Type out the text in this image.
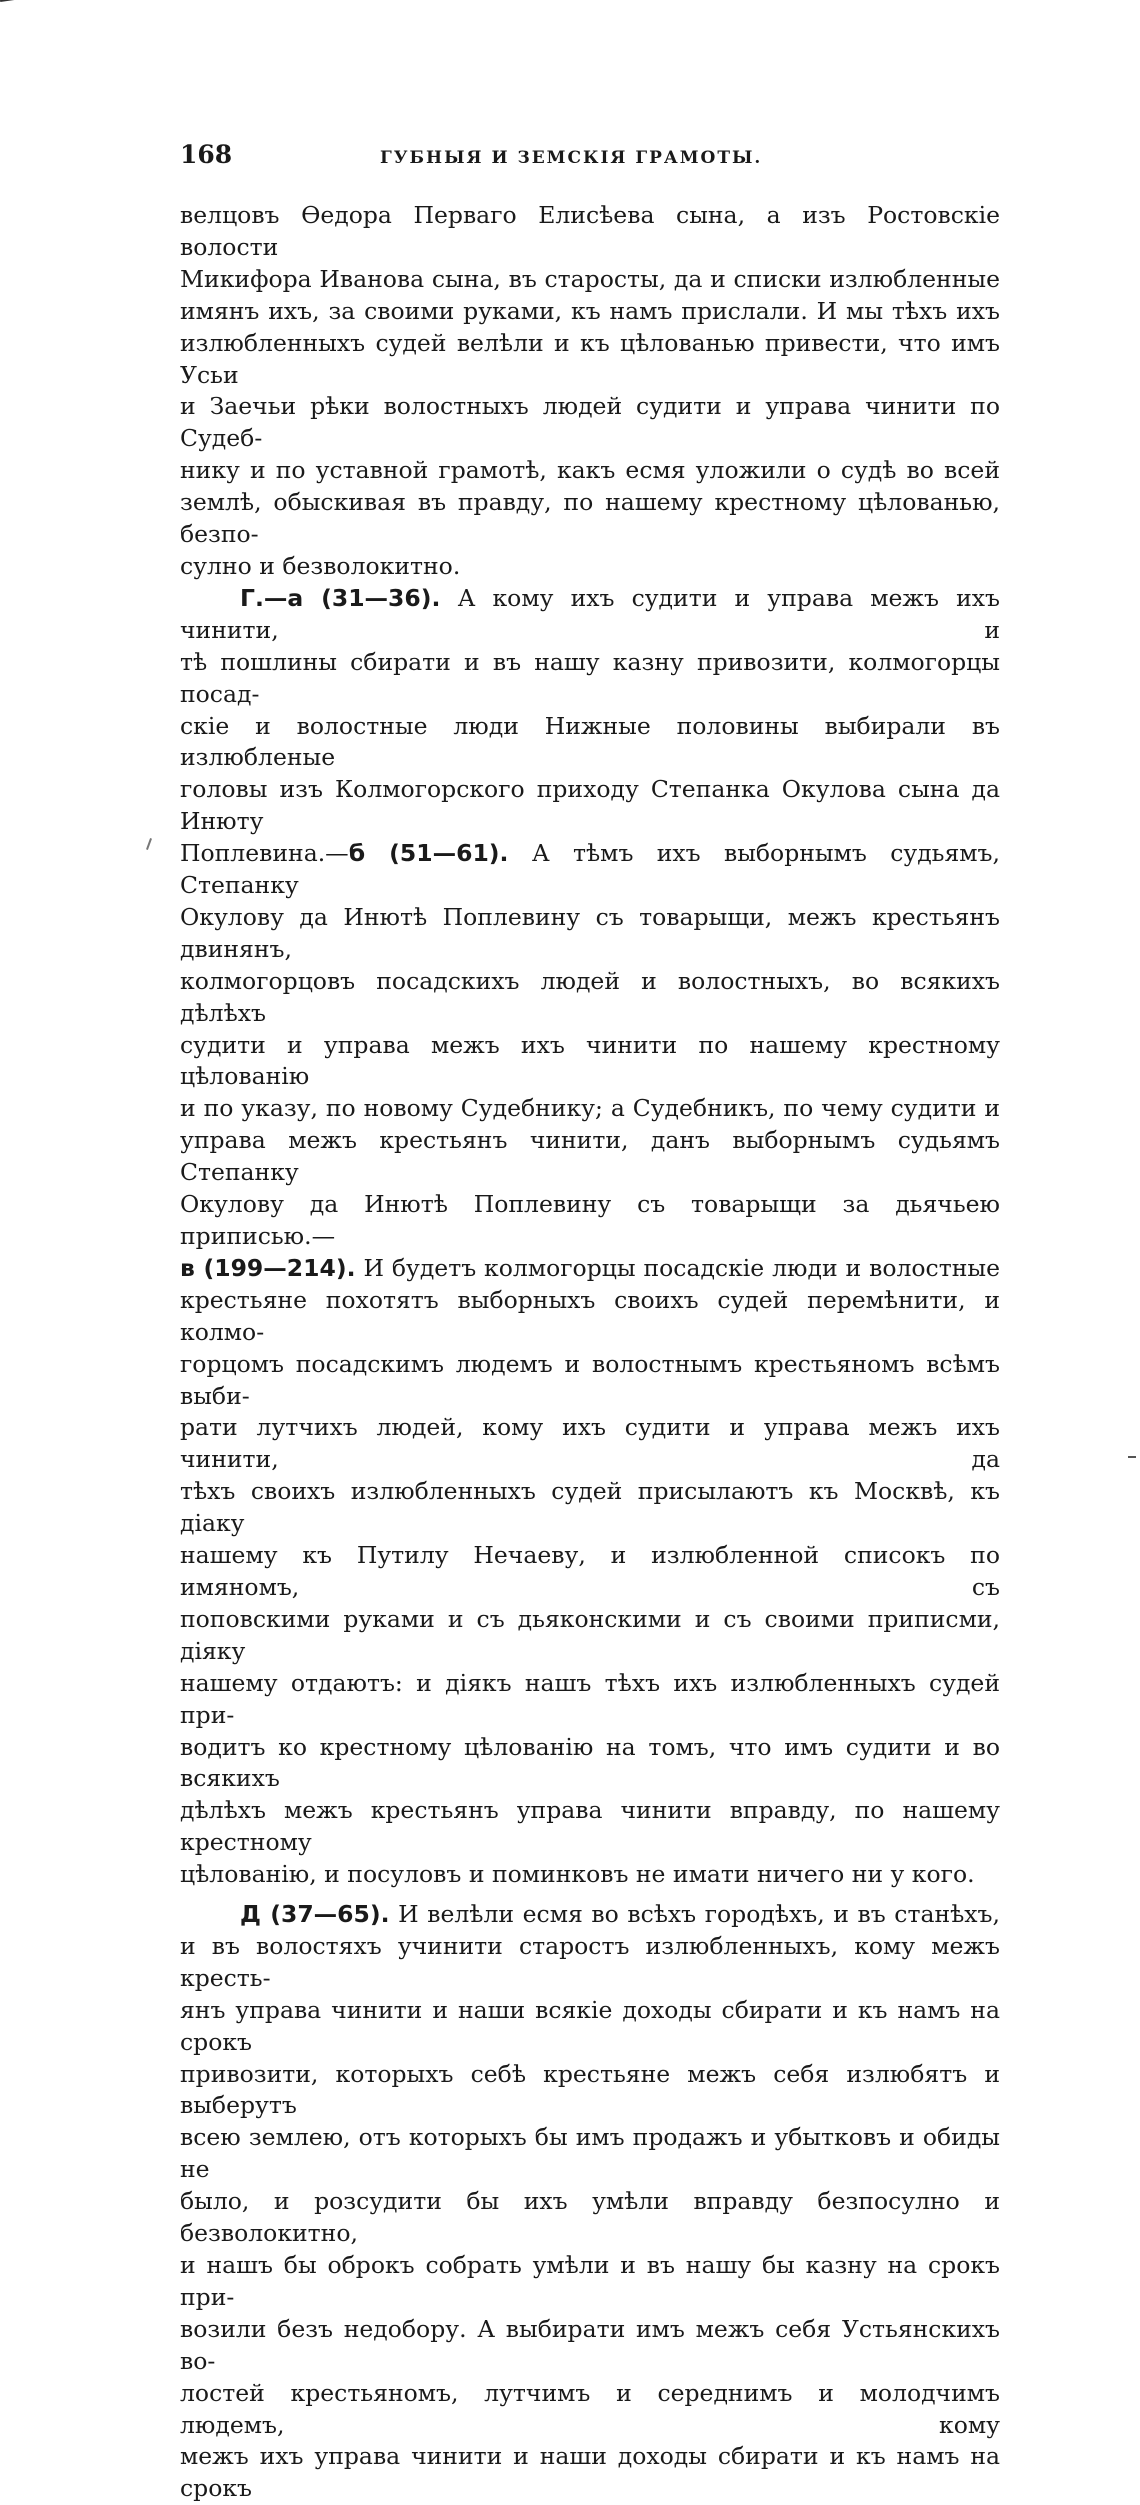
168	ГУБНЫЯ И ЗЕМСКІЯ ГРАМОТЫ.

велцовъ Ѳедора Перваго Елисѣева сына, а изъ Ростовскіе волости

Микифора Иванова сына, въ старосты, да и списки излюбленные

имянъ ихъ, за своими руками, къ намъ прислали. И мы тѣхъ ихъ

излюбленныхъ судей велѣли и къ цѣлованью привести, что имъ Усьи

и Заечьи рѣки волостныхъ людей судити и управа чинити по Судеб-

нику и по уставной грамотѣ, какъ есмя уложили о судѣ во всей

землѣ, обыскивая въ правду, по нашему крестному цѣлованью, безпо-

сулно и безволокитно.

Г.—а (31—36). А кому ихъ судити и управа межъ ихъ чинити, и

тѣ пошлины сбирати и въ нашу казну привозити, колмогорцы посад-

скіе и волостные люди Нижные половины выбирали въ излюбленые

головы изъ Колмогорского приходу Степанка Окулова сына да Инюту

Поплевина.—б (51—61). А тѣмъ ихъ выборнымъ судьямъ, Степанку

Окулову да Инютѣ Поплевину съ товарыщи, межъ крестьянъ двинянъ,

колмогорцовъ посадскихъ людей и волостныхъ, во всякихъ дѣлѣхъ

судити и управа межъ ихъ чинити по нашему крестному цѣлованію

и по указу, по новому Судебнику; а Судебникъ, по чему судити и

управа межъ крестьянъ чинити, данъ выборнымъ судьямъ Степанку

Окулову да Инютѣ Поплевину съ товарыщи за дьячьею приписью.—

в (199—214). И будетъ колмогорцы посадскіе люди и волостные

крестьяне похотятъ выборныхъ своихъ судей перемѣнити, и колмо-

горцомъ посадскимъ людемъ и волостнымъ крестьяномъ всѣмъ выби-

рати лутчихъ людей, кому ихъ судити и управа межъ ихъ чинити, да

тѣхъ своихъ излюбленныхъ судей присылаютъ къ Москвѣ, къ діаку

нашему къ Путилу Нечаеву, и излюбленной списокъ по имяномъ, съ

поповскими руками и съ дьяконскими и съ своими приписми, діяку

нашему отдаютъ: и діякъ нашъ тѣхъ ихъ излюбленныхъ судей при-

водитъ ко крестному цѣлованію на томъ, что имъ судити и во всякихъ

дѣлѣхъ межъ крестьянъ управа чинити вправду, по нашему крестному

цѣлованію, и посуловъ и поминковъ не имати ничего ни у кого.

Д (37—65). И велѣли есмя во всѣхъ городѣхъ, и въ станѣхъ,

и въ волостяхъ учинити старостъ излюбленныхъ, кому межъ кресть-

янъ управа чинити и наши всякіе доходы сбирати и къ намъ на срокъ

привозити, которыхъ себѣ крестьяне межъ себя излюбятъ и выберутъ

всею землею, отъ которыхъ бы имъ продажъ и убытковъ и обиды не

было, и розсудити бы ихъ умѣли вправду безпосулно и безволокитно,

и нашъ бы оброкъ собрать умѣли и въ нашу бы казну на срокъ при-

возили безъ недобору. А выбирати имъ межъ себя Устьянскихъ во-

лостей крестьяномъ, лутчимъ и середнимъ и молодчимъ людемъ, кому

межъ ихъ управа чинити и наши доходы сбирати и къ намъ на срокъ
